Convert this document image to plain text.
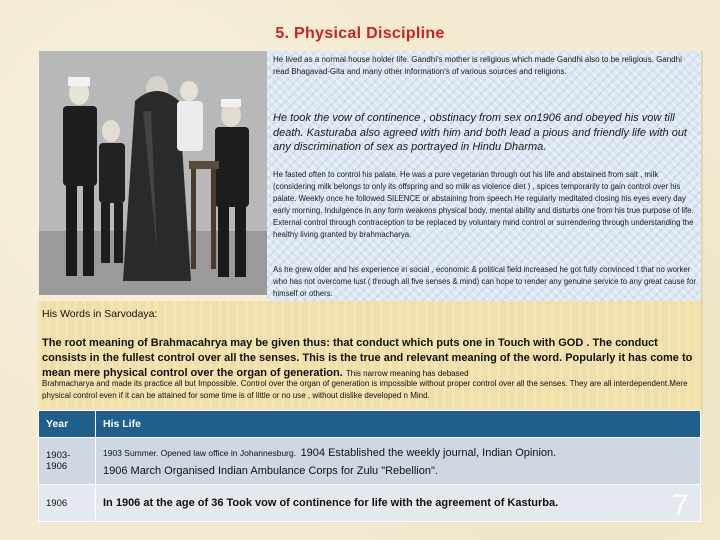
5. Physical Discipline
He lived as a normal house holder life. Gandhi's mother is religious which made Gandhi also to be religious. Gandhi read Bhagavad-Gita and many other information's of various sources and religions.
He took the vow of continence , obstinacy from sex on1906 and obeyed his vow till death. Kasturaba also agreed with him and both lead a pious and friendly life with out any discrimination of sex as portrayed in Hindu Dharma.
He fasted often to control his palate. He was a pure vegetarian through out his life and abstained from salt , milk (considering milk belongs to only its offspring and so milk as violence diet ) , spices temporarily to gain control over his palate. Weekly once he followed SILENCE or abstaining from speech He regularly meditated closing his eyes every day early morning. Indulgence in any form weakens physical body, mental ability and disturbs one from his true purpose of life. External control through contraception to be replaced by voluntary mind control or surrendering through understanding the healthy living granted by brahmacharya.
As he grew older and his experience in social , economic & political field increased he got fully convinced t that no worker who has not overcome lust ( through all five senses & mind) can hope to render any genuine service to any great cause for himself or others.
His Words in Sarvodaya:
The root meaning of Brahmacahrya may be given thus: that conduct which puts one in Touch with GOD . The conduct consists in the fullest control over all the senses. This is the true and relevant meaning of the word. Popularly it has come to mean mere physical control over the organ of generation. This narrow meaning has debased
Brahmacharya and made its practice all but Impossible. Control over the organ of generation is impossible without proper control over all the senses. They are all interdependent.Mere physical control even if it can be attained for some time is of little or no use , without dislike developed n Mind.
Year	His Life
1903-1906	1903 Summer. Opened law office in Johannesburg. 1904 Established the weekly journal, Indian Opinion.
1906 March Organised Indian Ambulance Corps for Zulu "Rebellion".
1906	In 1906 at the age of 36 Took vow of continence for life with the agreement of Kasturba.	7
